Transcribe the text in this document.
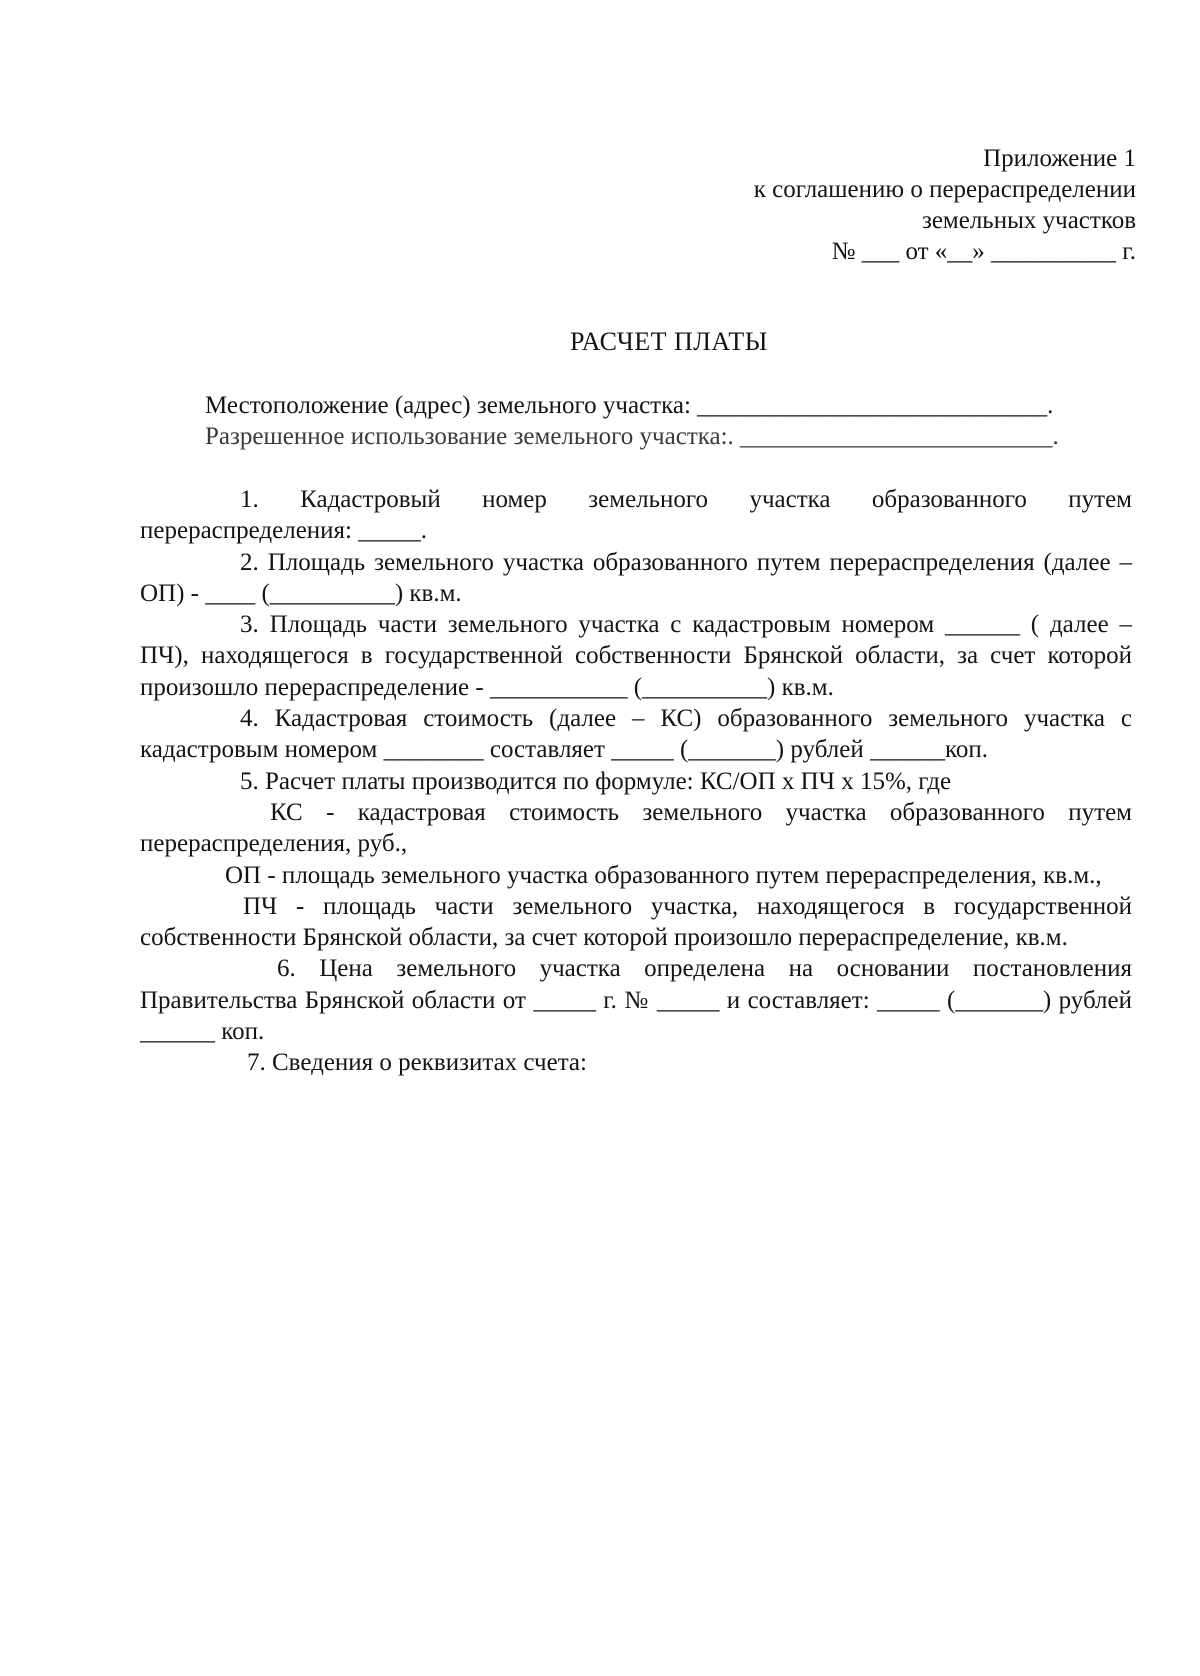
Приложение 1
к соглашению о перераспределении
земельных участков
№ ___ от «__» __________ г.
РАСЧЕТ ПЛАТЫ
Местоположение (адрес) земельного участка: ____________________________.
Разрешенное использование земельного участка:. _________________________.

1. Кадастровый номер земельного участка образованного путем перераспределения: _____.

2. Площадь земельного участка образованного путем перераспределения (далее – ОП) - ____ (__________) кв.м.

3. Площадь части земельного участка с кадастровым номером ______ ( далее – ПЧ), находящегося в государственной собственности Брянской области, за счет которой произошло перераспределение - ___________ (__________) кв.м.

4. Кадастровая стоимость (далее – КС) образованного земельного участка с кадастровым номером ________ составляет _____ (_______) рублей ______коп.

5. Расчет платы производится по формуле: КС/ОП х ПЧ х 15%, где

КС - кадастровая стоимость земельного участка образованного путем перераспределения, руб.,

ОП - площадь земельного участка образованного путем перераспределения, кв.м.,

ПЧ - площадь части земельного участка, находящегося в государственной собственности Брянской области, за счет которой произошло перераспределение, кв.м.

6. Цена земельного участка определена на основании постановления Правительства Брянской области от _____ г. № _____ и составляет: _____ (_______) рублей ______ коп.

7. Сведения о реквизитах счета:
